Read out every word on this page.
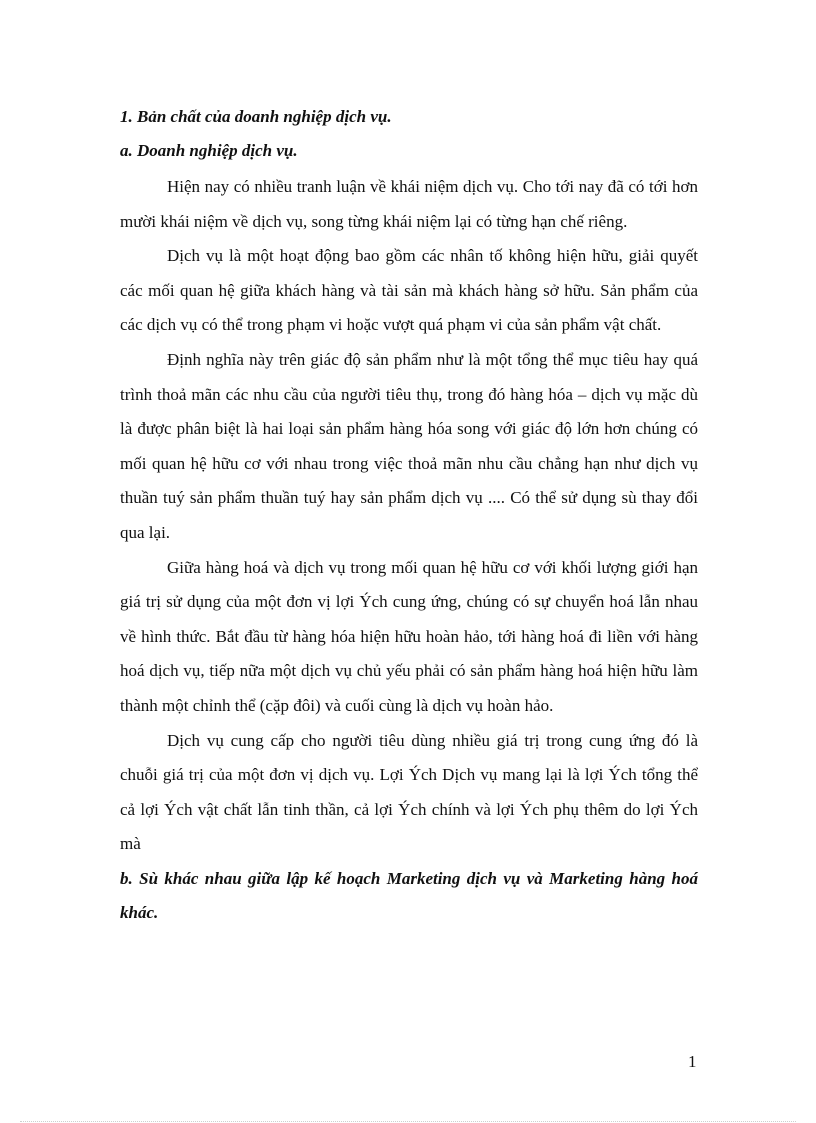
1. Bản chất của doanh nghiệp dịch vụ.

a. Doanh nghiệp dịch vụ.

Hiện nay có nhiều tranh luận về khái niệm dịch vụ. Cho tới nay đã có tới hơn mười khái niệm về dịch vụ, song từng khái niệm lại có từng hạn chế riêng.

Dịch vụ là một hoạt động bao gồm các nhân tố không hiện hữu, giải quyết các mối quan hệ giữa khách hàng và tài sản mà khách hàng sở hữu. Sản phẩm của các dịch vụ có thể trong phạm vi hoặc vượt quá phạm vi của sản phẩm vật chất.

Định nghĩa này trên giác độ sản phẩm như là một tổng thể mục tiêu hay quá trình thoả mãn các nhu cầu của người tiêu thụ, trong đó hàng hóa – dịch vụ mặc dù là được phân biệt là hai loại sản phẩm hàng hóa song với giác độ lớn hơn chúng có mối quan hệ hữu cơ với nhau trong việc thoả mãn nhu cầu chẳng hạn như dịch vụ thuần tuý sản phẩm thuần tuý hay sản phẩm dịch vụ .... Có thể sử dụng sù thay đổi qua lại.

Giữa hàng hoá và dịch vụ trong mối quan hệ hữu cơ với khối lượng giới hạn giá trị sử dụng của một đơn vị lợi Ých cung ứng, chúng có sự chuyển hoá lẫn nhau về hình thức. Bắt đầu từ hàng hóa hiện hữu hoàn hảo, tới hàng hoá đi liền với hàng hoá dịch vụ, tiếp nữa một dịch vụ chủ yếu phải có sản phẩm hàng hoá hiện hữu làm thành một chỉnh thể (cặp đôi) và cuối cùng là dịch vụ hoàn hảo.

Dịch vụ cung cấp cho người tiêu dùng nhiều giá trị trong cung ứng đó là chuỗi giá trị của một đơn vị dịch vụ. Lợi Ých Dịch vụ mang lại là lợi Ých tổng thể cả lợi Ých vật chất lẫn tinh thần, cả lợi Ých chính và lợi Ých phụ thêm do lợi Ých mà

b. Sù khác nhau giữa lập kế hoạch Marketing dịch vụ và Marketing hàng hoá khác.

1
